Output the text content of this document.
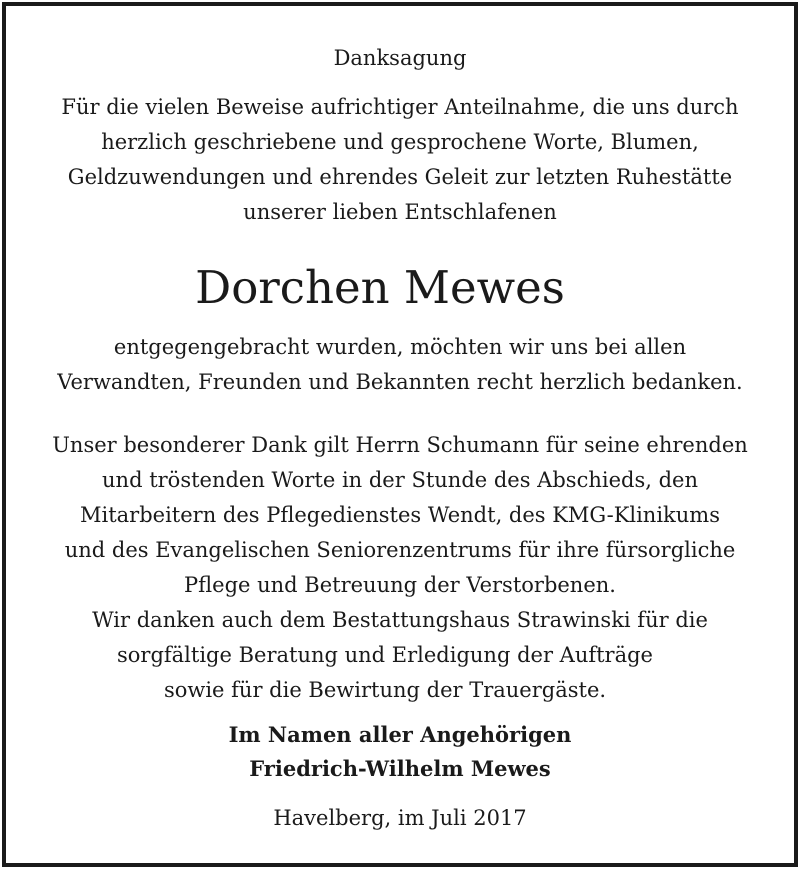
Danksagung
Für die vielen Beweise aufrichtiger Anteilnahme, die uns durch
herzlich geschriebene und gesprochene Worte, Blumen,
Geldzuwendungen und ehrendes Geleit zur letzten Ruhestätte
unserer lieben Entschlafenen
Dorchen Mewes
entgegengebracht wurden, möchten wir uns bei allen
Verwandten, Freunden und Bekannten recht herzlich bedanken.
Unser besonderer Dank gilt Herrn Schumann für seine ehrenden
und tröstenden Worte in der Stunde des Abschieds, den
Mitarbeitern des Pflegedienstes Wendt, des KMG-Klinikums
und des Evangelischen Seniorenzentrums für ihre fürsorgliche
Pflege und Betreuung der Verstorbenen.
Wir danken auch dem Bestattungshaus Strawinski für die
sorgfältige Beratung und Erledigung der Aufträge
sowie für die Bewirtung der Trauergäste.
Im Namen aller Angehörigen
Friedrich-Wilhelm Mewes
Havelberg, im Juli 2017
